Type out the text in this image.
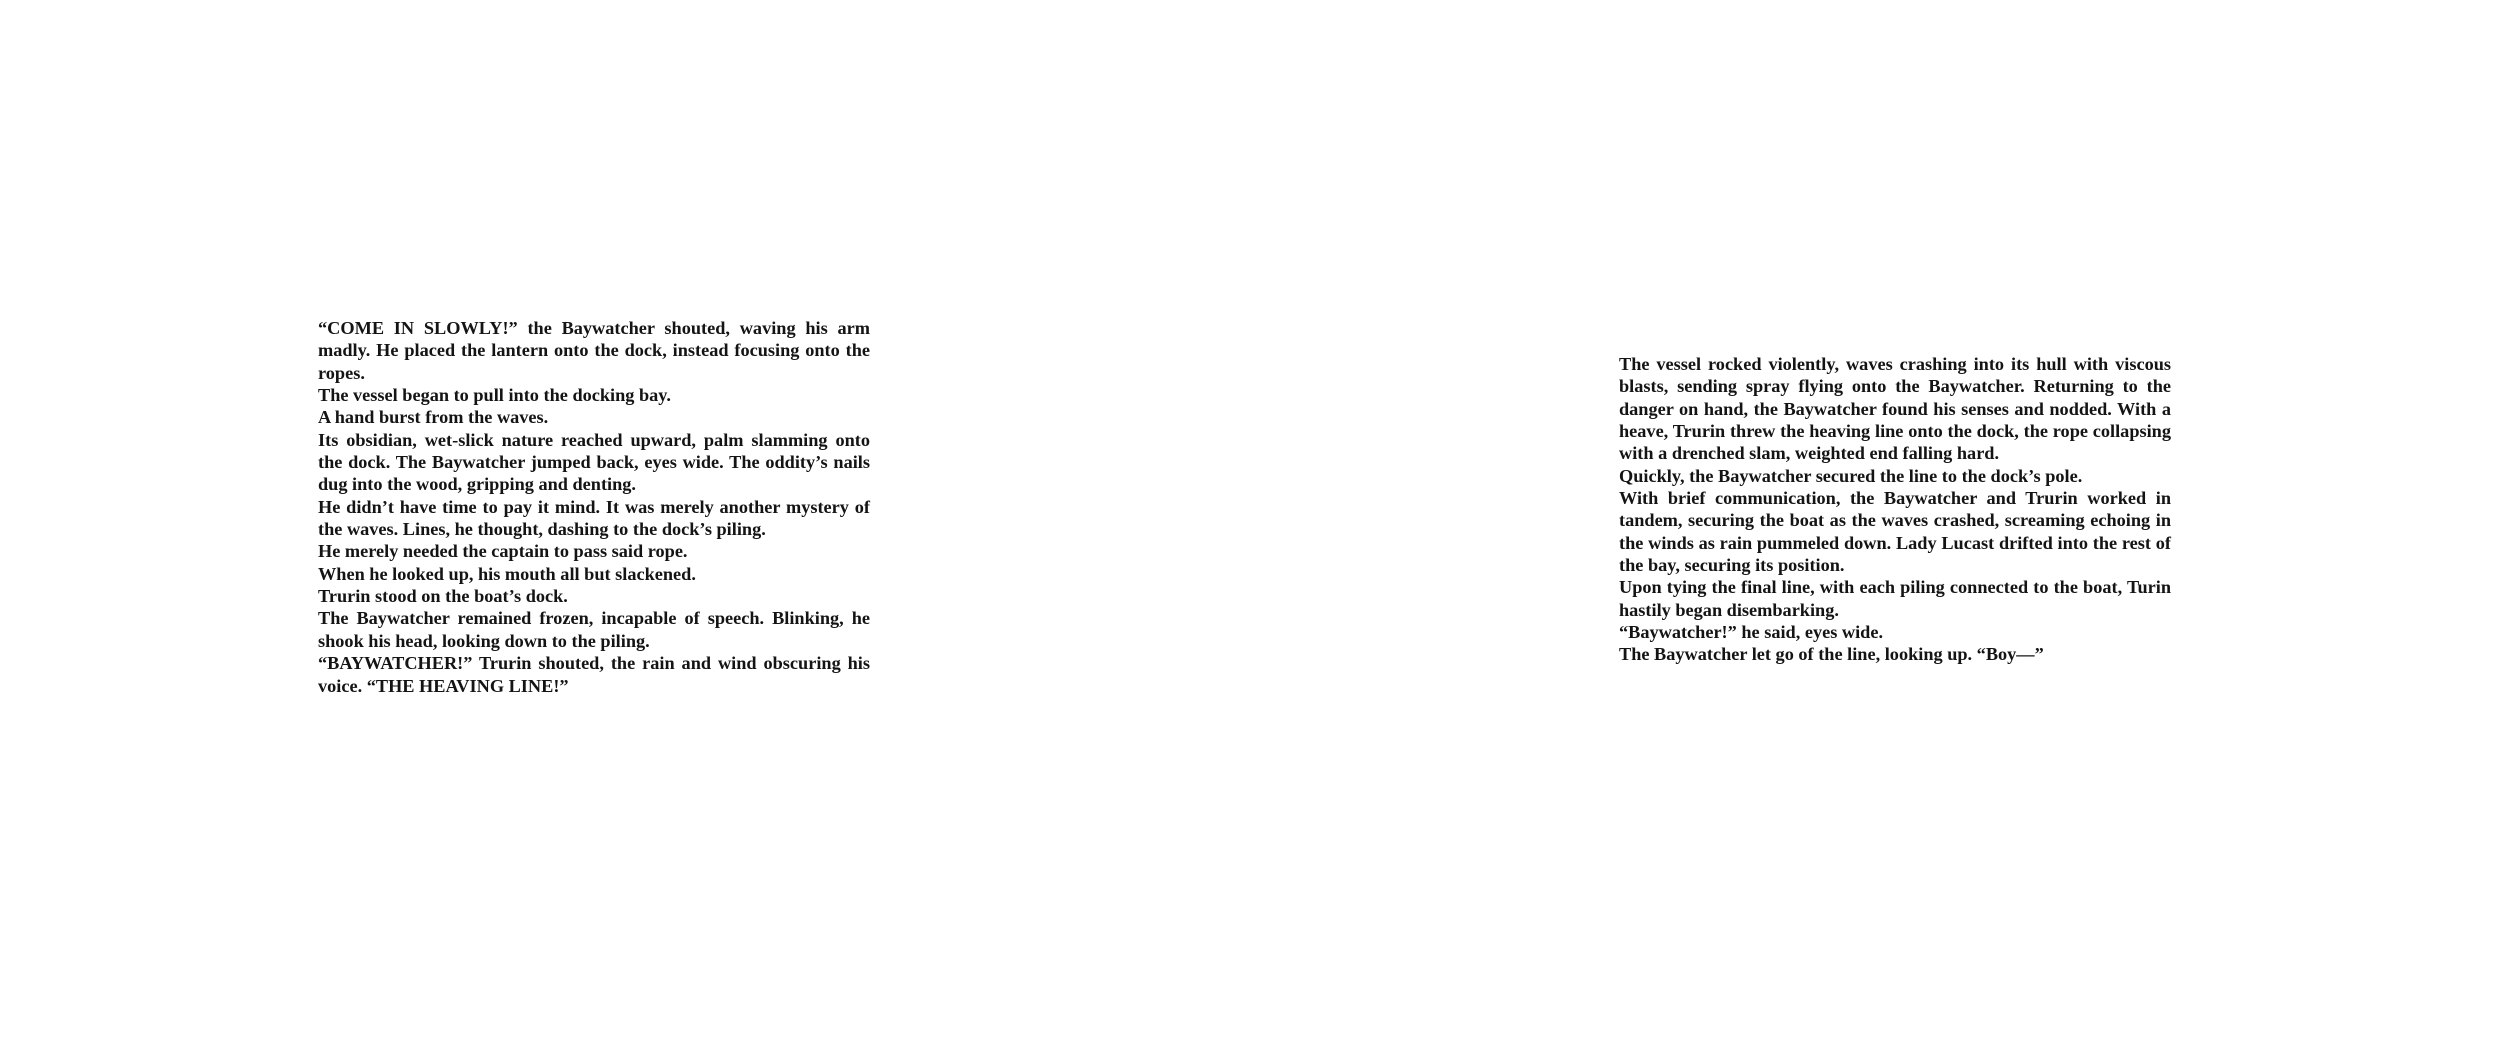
“COME IN SLOWLY!” the Baywatcher shouted, waving his arm madly. He placed the lantern onto the dock, instead focusing onto the ropes.

The vessel began to pull into the docking bay.

A hand burst from the waves.

Its obsidian, wet-slick nature reached upward, palm slamming onto the dock. The Baywatcher jumped back, eyes wide. The oddity’s nails dug into the wood, gripping and denting.

He didn’t have time to pay it mind. It was merely another mystery of the waves. Lines, he thought, dashing to the dock’s piling.

He merely needed the captain to pass said rope.

When he looked up, his mouth all but slackened.

Trurin stood on the boat’s dock.

The Baywatcher remained frozen, incapable of speech. Blinking, he shook his head, looking down to the piling.

“BAYWATCHER!” Trurin shouted, the rain and wind obscuring his voice. “THE HEAVING LINE!”

The vessel rocked violently, waves crashing into its hull with viscous blasts, sending spray flying onto the Baywatcher. Returning to the danger on hand, the Baywatcher found his senses and nodded. With a heave, Trurin threw the heaving line onto the dock, the rope collapsing with a drenched slam, weighted end falling hard.

Quickly, the Baywatcher secured the line to the dock’s pole.

With brief communication, the Baywatcher and Trurin worked in tandem, securing the boat as the waves crashed, screaming echoing in the winds as rain pummeled down. Lady Lucast drifted into the rest of the bay, securing its position.

Upon tying the final line, with each piling connected to the boat, Turin hastily began disembarking.

“Baywatcher!” he said, eyes wide.

The Baywatcher let go of the line, looking up. “Boy—”
